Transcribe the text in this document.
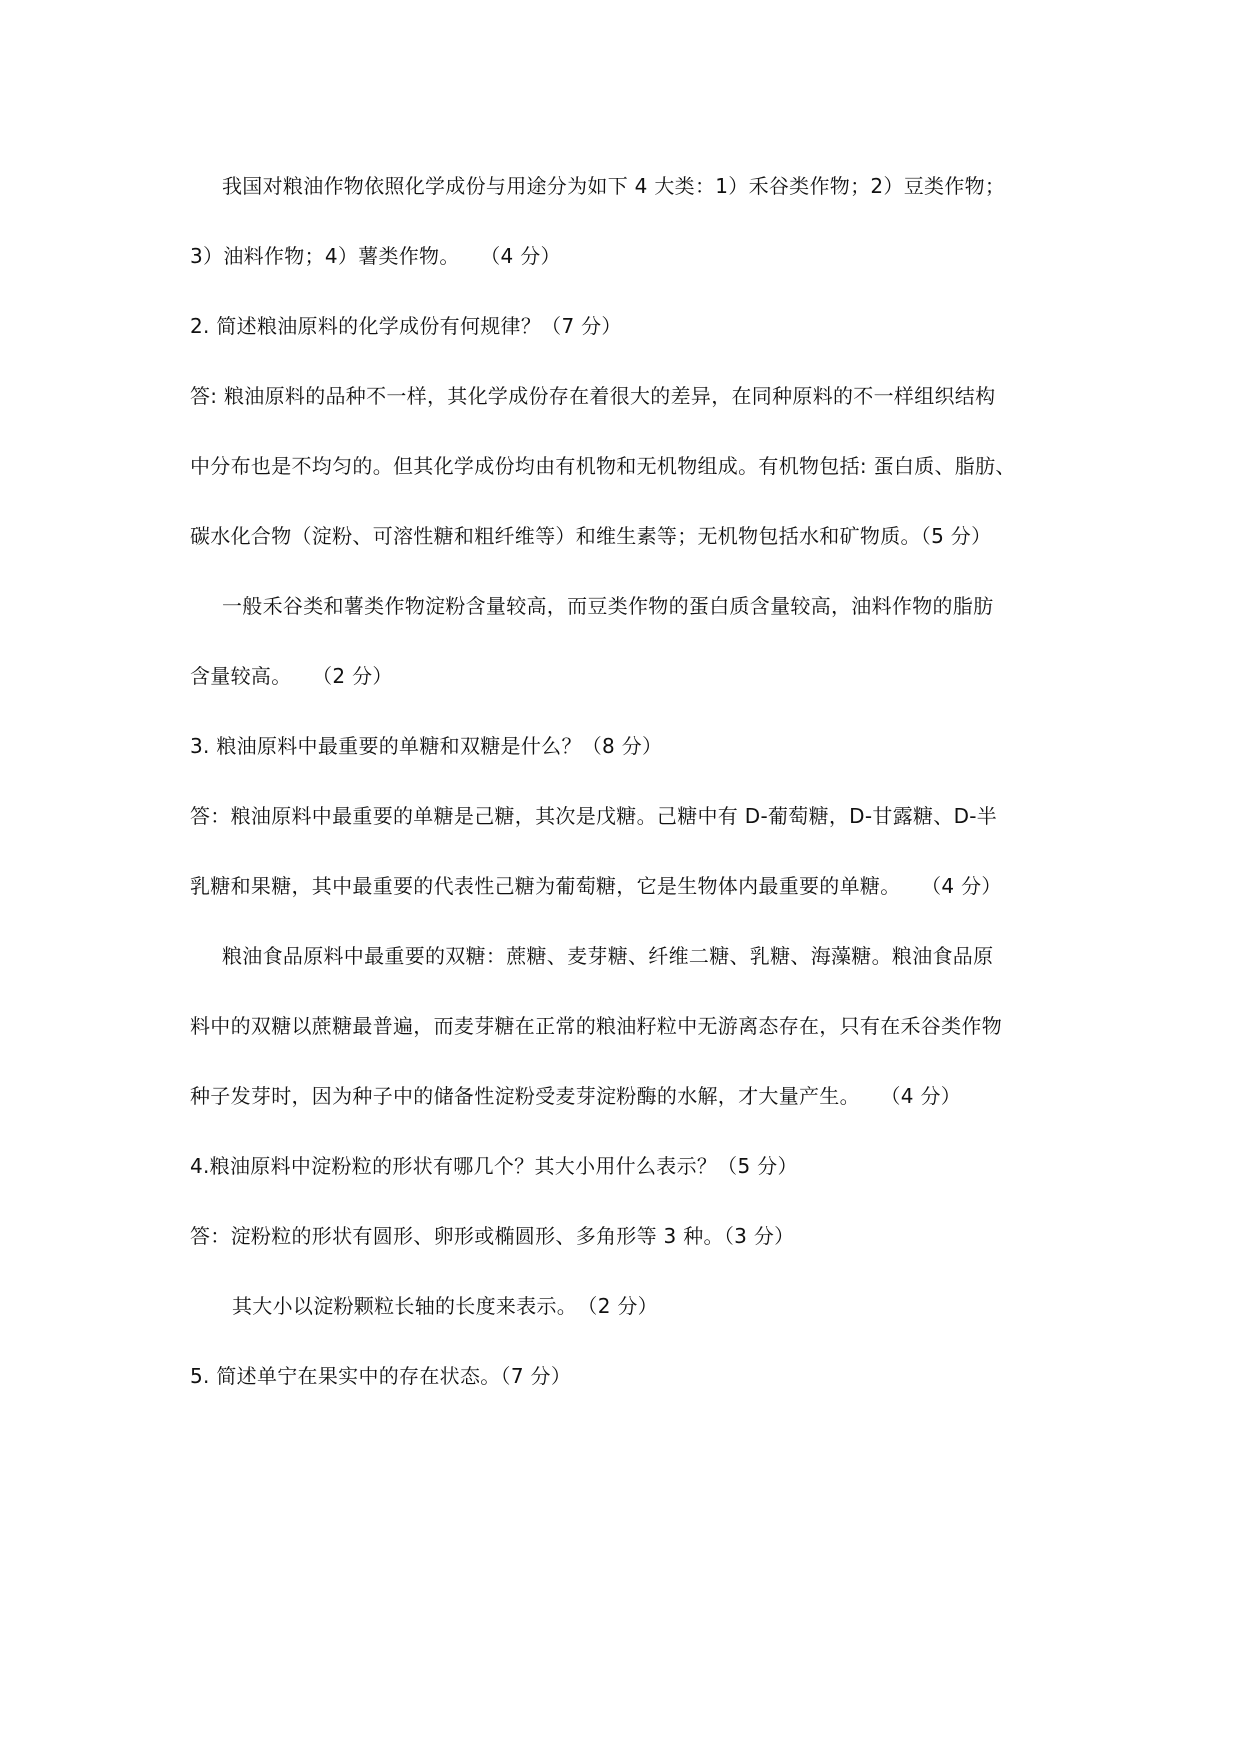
我国对粮油作物依照化学成份与用途分为如下 4 大类：1）禾谷类作物；2）豆类作物；
3）油料作物；4）薯类作物。　　（4 分）
2. 简述粮油原料的化学成份有何规律？（7 分）
答: 粮油原料的品种不一样，其化学成份存在着很大的差异，在同种原料的不一样组织结构
中分布也是不均匀的。但其化学成份均由有机物和无机物组成。有机物包括: 蛋白质、脂肪、
碳水化合物（淀粉、可溶性糖和粗纤维等）和维生素等；无机物包括水和矿物质。（5 分）
一般禾谷类和薯类作物淀粉含量较高，而豆类作物的蛋白质含量较高，油料作物的脂肪
含量较高。　　（2 分）
3. 粮油原料中最重要的单糖和双糖是什么？（8 分）
答：粮油原料中最重要的单糖是己糖，其次是戊糖。己糖中有 D-葡萄糖，D-甘露糖、D-半
乳糖和果糖，其中最重要的代表性己糖为葡萄糖，它是生物体内最重要的单糖。　　（4 分）
粮油食品原料中最重要的双糖：蔗糖、麦芽糖、纤维二糖、乳糖、海藻糖。粮油食品原
料中的双糖以蔗糖最普遍，而麦芽糖在正常的粮油籽粒中无游离态存在，只有在禾谷类作物
种子发芽时，因为种子中的储备性淀粉受麦芽淀粉酶的水解，才大量产生。　　（4 分）
4.粮油原料中淀粉粒的形状有哪几个？其大小用什么表示？（5 分）
答：淀粉粒的形状有圆形、卵形或椭圆形、多角形等 3 种。（3 分）
其大小以淀粉颗粒长轴的长度来表示。　（2 分）
5. 简述单宁在果实中的存在状态。（7 分）
